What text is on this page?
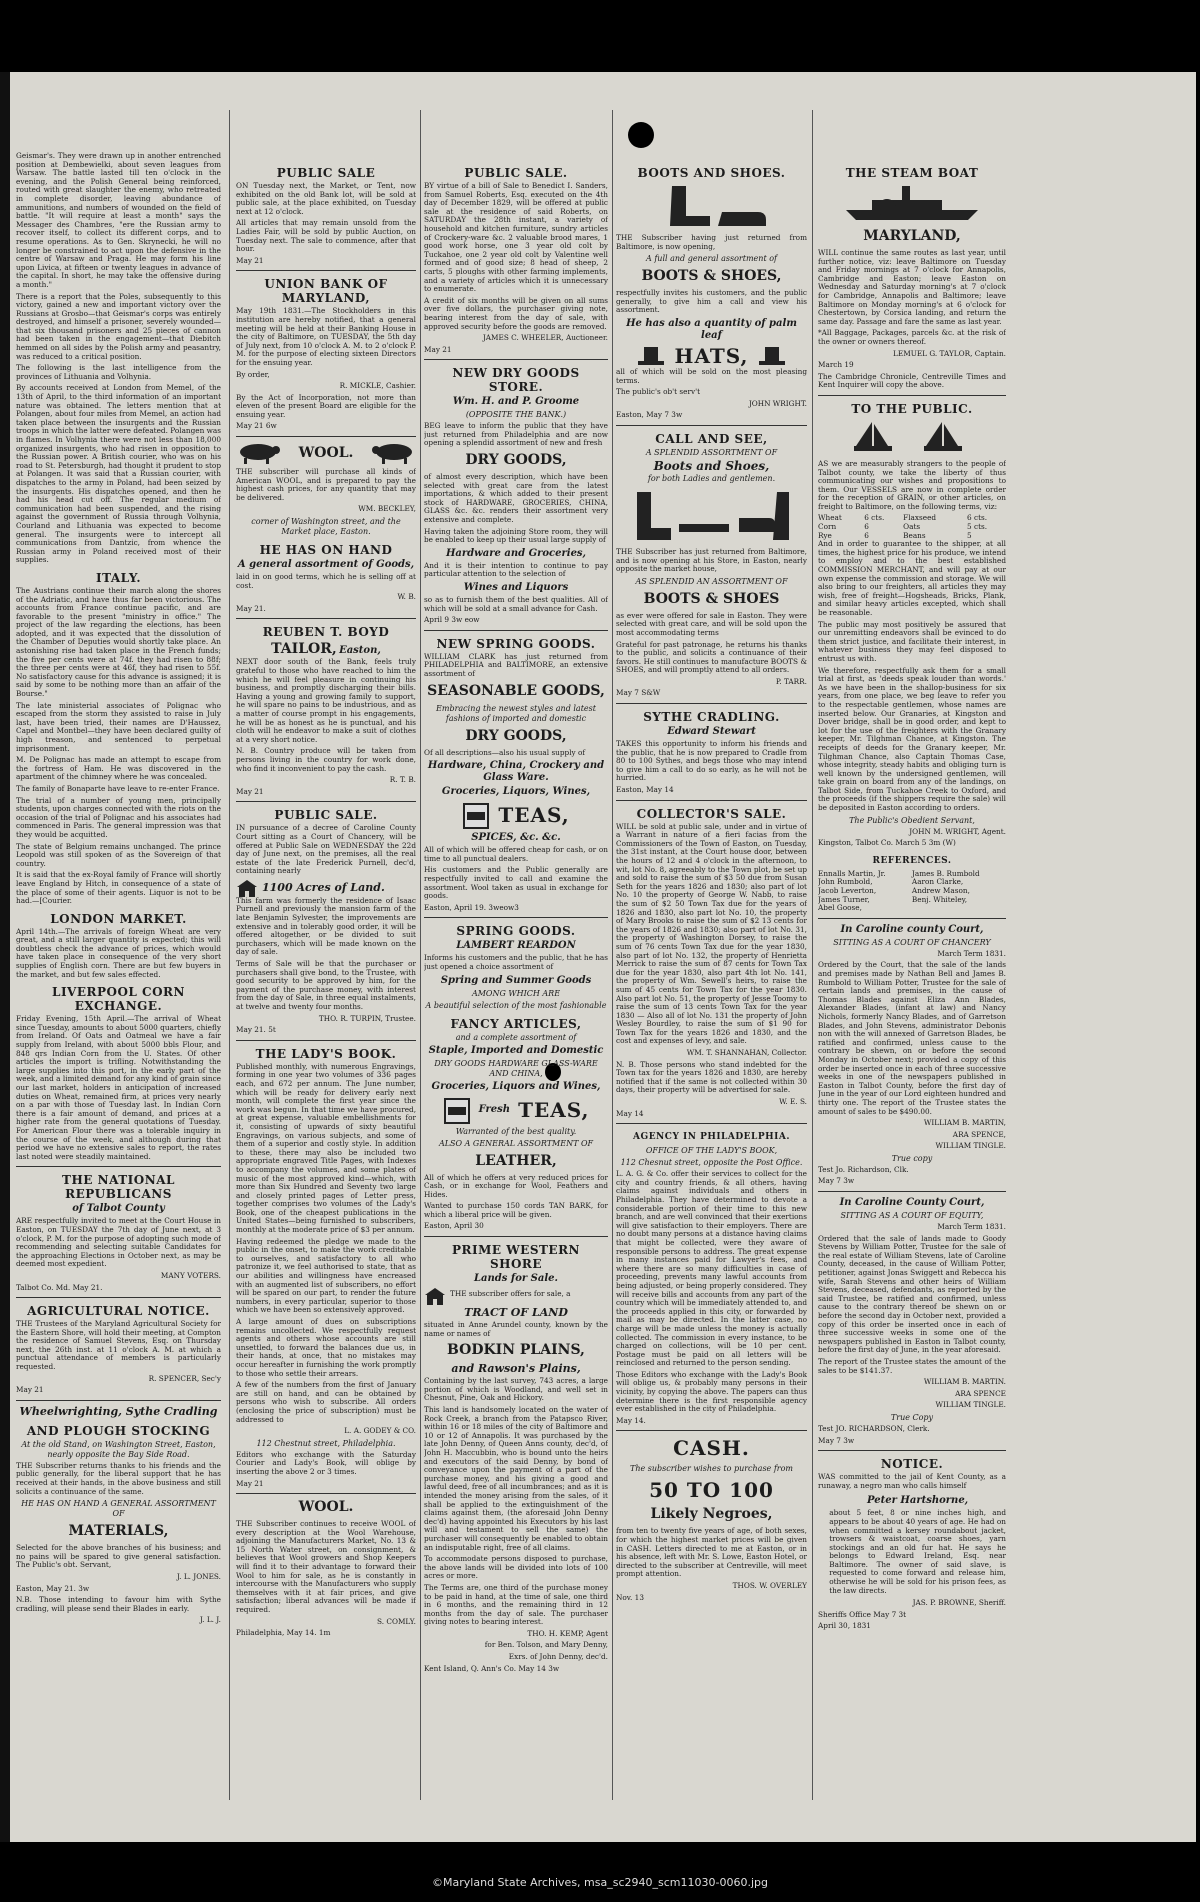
Geismar's. They were drawn up in another entrenched position at Dembewielki, about seven leagues from Warsaw. The battle lasted till ten o'clock in the evening, and the Polish General being reinforced, routed with great slaughter the enemy, who retreated in complete disorder, leaving abundance of ammunitions, and numbers of wounded on the field of battle. "It will require at least a month" says the Messager des Chambres, "ere the Russian army to recover itself, to collect its different corps, and to resume operations. As to Gen. Skrynecki, he will no longer be constrained to act upon the defensive in the centre of Warsaw and Praga. He may form his line upon Livica, at fifteen or twenty leagues in advance of the capital. In short, he may take the offensive during a month."

There is a report that the Poles, subsequently to this victory, gained a new and important victory over the Russians at Grosbo—that Geismar's corps was entirely destroyed, and himself a prisoner, severely wounded—that six thousand prisoners and 25 pieces of cannon had been taken in the engagement—that Diebitch hemmed on all sides by the Polish army and peasantry, was reduced to a critical position.

The following is the last intelligence from the provinces of Lithuania and Volhynia.

By accounts received at London from Memel, of the 13th of April, to the third information of an important nature was obtained. The letters mention that at Polangen, about four miles from Memel, an action had taken place between the insurgents and the Russian troops in which the latter were defeated. Polangen was in flames. In Volhynia there were not less than 18,000 organized insurgents, who had risen in opposition to the Russian power. A British courier, who was on his road to St. Petersburgh, had thought it prudent to stop at Polangen. It was said that a Russian courier, with dispatches to the army in Poland, had been seized by the insurgents. His dispatches opened, and then he had his head cut off. The regular medium of communication had been suspended, and the rising against the government of Russia through Volhynia, Courland and Lithuania was expected to become general. The insurgents were to intercept all communications from Dantzic, from whence the Russian army in Poland received most of their supplies.

ITALY.

The Austrians continue their march along the shores of the Adriatic, and have thus far been victorious. The accounts from France continue pacific, and are favorable to the present "ministry in office." The project of the law regarding the elections, has been adopted, and it was expected that the dissolution of the Chamber of Deputies would shortly take place. An astonishing rise had taken place in the French funds; the five per cents were at 74f. they had risen to 88f; the three per cents were at 46f, they had risen to 55f. No satisfactory cause for this advance is assigned; it is said by some to be nothing more than an affair of the Bourse."

The late ministerial associates of Polignac who escaped from the storm they assisted to raise in July last, have been tried, their names are D'Haussez, Capel and Montbel—they have been declared guilty of high treason, and sentenced to perpetual imprisonment.

M. De Polignac has made an attempt to escape from the fortress of Ham. He was discovered in the apartment of the chimney where he was concealed.

The family of Bonaparte have leave to re-enter France.

The trial of a number of young men, principally students, upon charges connected with the riots on the occasion of the trial of Polignac and his associates had commenced in Paris. The general impression was that they would be acquitted.

The state of Belgium remains unchanged. The prince Leopold was still spoken of as the Sovereign of that country.

It is said that the ex-Royal family of France will shortly leave England by Hitch, in consequence of a state of the place of some of their agents. Liquor is not to be had.—[Courier.

LONDON MARKET.

April 14th.—The arrivals of foreign Wheat are very great, and a still larger quantity is expected; this will doubtless check the advance of prices, which would have taken place in consequence of the very short supplies of English corn. There are but few buyers in the market, and but few sales effected.

LIVERPOOL CORN EXCHANGE.

Friday Evening, 15th April.—The arrival of Wheat since Tuesday, amounts to about 5000 quarters, chiefly from Ireland. Of Oats and Oatmeal we have a fair supply from Ireland, with about 5000 bbls Flour, and 848 qrs Indian Corn from the U. States. Of other articles the import is trifling. Notwithstanding the large supplies into this port, in the early part of the week, and a limited demand for any kind of grain since our last market, holders in anticipation of increased duties on Wheat, remained firm, at prices very nearly on a par with those of Tuesday last. In Indian Corn there is a fair amount of demand, and prices at a higher rate from the general quotations of Tuesday. For American Flour there was a tolerable inquiry in the course of the week, and although during that period we have no extensive sales to report, the rates last noted were steadily maintained.

THE NATIONAL REPUBLICANS
of Talbot County

ARE respectfully invited to meet at the Court House in Easton, on TUESDAY the 7th day of June next, at 3 o'clock, P. M. for the purpose of adopting such mode of recommending and selecting suitable Candidates for the approaching Elections in October next, as may be deemed most expedient.

MANY VOTERS.
Talbot Co. Md. May 21.
AGRICULTURAL NOTICE.

THE Trustees of the Maryland Agricultural Society for the Eastern Shore, will hold their meeting, at Compton the residence of Samuel Stevens, Esq. on Thursday next, the 26th inst. at 11 o'clock A. M. at which a punctual attendance of members is particularly requested.

R. SPENCER, Sec'y
May 21
Wheelwrighting, Sythe Cradling
AND PLOUGH STOCKING
At the old Stand, on Washington Street, Easton, nearly opposite the Bay Side Road.

THE Subscriber returns thanks to his friends and the public generally, for the liberal support that he has received at their hands, in the above business and still solicits a continuance of the same.

HE HAS ON HAND A GENERAL ASSORTMENT OF
MATERIALS,

Selected for the above branches of his business; and no pains will be spared to give general satisfaction. The Public's obt. Servant,

J. L. JONES.
Easton, May 21. 3w

N.B. Those intending to favour him with Sythe cradling, will please send their Blades in early.

J. L. J.
PUBLIC SALE

ON Tuesday next, the Market, or Tent, now exhibited on the old Bank lot, will be sold at public sale, at the place exhibited, on Tuesday next at 12 o'clock.

All articles that may remain unsold from the Ladies Fair, will be sold by public Auction, on Tuesday next. The sale to commence, after that hour.

May 21
UNION BANK OF MARYLAND,

May 19th 1831.—The Stockholders in this institution are hereby notified, that a general meeting will be held at their Banking House in the city of Baltimore, on TUESDAY, the 5th day of July next, from 10 o'clock A. M. to 2 o'clock P. M. for the purpose of electing sixteen Directors for the ensuing year.

By order,
R. MICKLE, Cashier.

By the Act of Incorporation, not more than eleven of the present Board are eligible for the ensuing year.

May 21 6w
WOOL.

THE subscriber will purchase all kinds of American WOOL, and is prepared to pay the highest cash prices, for any quantity that may be delivered.

WM. BECKLEY,
corner of Washington street, and the Market place, Easton.
HE HAS ON HAND
A general assortment of Goods,

laid in on good terms, which he is selling off at cost.

W. B.
May 21.
REUBEN T. BOYD
TAILOR, Easton,

NEXT door south of the Bank, feels truly grateful to those who have reached to him the which he will feel pleasure in continuing his business, and promptly discharging their bills. Having a young and growing family to support, he will spare no pains to be industrious, and as a matter of course prompt in his engagements, he will be as honest as he is punctual, and his cloth will he endeavor to make a suit of clothes at a very short notice.

N. B. Country produce will be taken from persons living in the country for work done, who find it inconvenient to pay the cash.

R. T. B.
May 21
PUBLIC SALE.

IN pursuance of a decree of Caroline County Court sitting as a Court of Chancery, will be offered at Public Sale on WEDNESDAY the 22d day of June next, on the premises, all the real estate of the late Frederick Purnell, dec'd, containing nearly

1100 Acres of Land.

This farm was formerly the residence of Isaac Purnell and previously the mansion farm of the late Benjamin Sylvester, the improvements are extensive and in tolerably good order, it will be offered altogether, or be divided to suit purchasers, which will be made known on the day of sale.

Terms of Sale will be that the purchaser or purchasers shall give bond, to the Trustee, with good security to be approved by him, for the payment of the purchase money, with interest from the day of Sale, in three equal instalments, at twelve and twenty four months.

THO. R. TURPIN, Trustee.
May 21. 5t
THE LADY'S BOOK.

Published monthly, with numerous Engravings, forming in one year two volumes of 336 pages each, and 672 per annum. The June number, which will be ready for delivery early next month, will complete the first year since the work was begun. In that time we have procured, at great expense, valuable embellishments for it, consisting of upwards of sixty beautiful Engravings, on various subjects, and some of them of a superior and costly style. In addition to these, there may also be included two appropriate engraved Title Pages, with Indexes to accompany the volumes, and some plates of music of the most approved kind—which, with more than Six Hundred and Seventy two large and closely printed pages of Letter press, together comprises two volumes of the Lady's Book, one of the cheapest publications in the United States—being furnished to subscribers, monthly at the moderate price of $3 per annum.

Having redeemed the pledge we made to the public in the onset, to make the work creditable to ourselves, and satisfactory to all who patronize it, we feel authorised to state, that as our abilities and willingness have encreased with an augmented list of subscribers, no effort will be spared on our part, to render the future numbers, in every particular, superior to those which we have been so extensively approved.

A large amount of dues on subscriptions remains uncollected. We respectfully request agents and others whose accounts are still unsettled, to forward the balances due us, in their hands, at once, that no mistakes may occur hereafter in furnishing the work promptly to those who settle their arrears.

A few of the numbers from the first of January are still on hand, and can be obtained by persons who wish to subscribe. All orders (enclosing the price of subscription) must be addressed to

L. A. GODEY & CO.
112 Chestnut street, Philadelphia.

Editors who exchange with the Saturday Courier and Lady's Book, will oblige by inserting the above 2 or 3 times.

May 21
WOOL.

THE Subscriber continues to receive WOOL of every description at the Wool Warehouse, adjoining the Manufacturers Market, No. 13 & 15 North Water street, on consignment, & believes that Wool growers and Shop Keepers will find it to their advantage to forward their Wool to him for sale, as he is constantly in intercourse with the Manufacturers who supply themselves with it at fair prices, and give satisfaction; liberal advances will be made if required.

S. COMLY.
Philadelphia, May 14. 1m
PUBLIC SALE.

BY virtue of a bill of Sale to Benedict I. Sanders, from Samuel Roberts, Esq. executed on the 4th day of December 1829, will be offered at public sale at the residence of said Roberts, on SATURDAY the 28th instant, a variety of household and kitchen furniture, sundry articles of Crockery-ware &c. 2 valuable brood mares, 1 good work horse, one 3 year old colt by Tuckahoe, one 2 year old colt by Valentine well formed and of good size; 8 head of sheep, 2 carts, 5 ploughs with other farming implements, and a variety of articles which it is unnecessary to enumerate.

A credit of six months will be given on all sums over five dollars, the purchaser giving note, bearing interest from the day of sale, with approved security before the goods are removed.

JAMES C. WHEELER, Auctioneer.
May 21
NEW DRY GOODS STORE.
Wm. H. and P. Groome
(OPPOSITE THE BANK.)

BEG leave to inform the public that they have just returned from Philadelphia and are now opening a splendid assortment of new and fresh

DRY GOODS,

of almost every description, which have been selected with great care from the latest importations, & which added to their present stock of HARDWARE, GROCERIES, CHINA, GLASS &c. &c. renders their assortment very extensive and complete.

Having taken the adjoining Store room, they will be enabled to keep up their usual large supply of

Hardware and Groceries,

And it is their intention to continue to pay particular attention to the selection of

Wines and Liquors

so as to furnish them of the best qualities. All of which will be sold at a small advance for Cash.

April 9 3w eow
NEW SPRING GOODS.

WILLIAM CLARK has just returned from PHILADELPHIA and BALTIMORE, an extensive assortment of

SEASONABLE GOODS,
Embracing the newest styles and latest fashions of imported and domestic
DRY GOODS,

Of all descriptions—also his usual supply of

Hardware, China, Crockery and Glass Ware.
Groceries, Liquors, Wines,
TEAS,
SPICES, &c. &c.

All of which will be offered cheap for cash, or on time to all punctual dealers.

His customers and the Public generally are respectfully invited to call and examine the assortment. Wool taken as usual in exchange for goods.

Easton, April 19. 3weow3
SPRING GOODS.
LAMBERT REARDON

Informs his customers and the public, that he has just opened a choice assortment of

Spring and Summer Goods
AMONG WHICH ARE
A beautiful selection of the most fashionable
FANCY ARTICLES,
and a complete assortment of
Staple, Imported and Domestic
DRY GOODS HARDWARE GLASS-WARE AND CHINA,
Groceries, Liquors and Wines,
Fresh TEAS,
Warranted of the best quality.
ALSO A GENERAL ASSORTMENT OF
LEATHER,

All of which he offers at very reduced prices for Cash, or in exchange for Wool, Feathers and Hides.

Wanted to purchase 150 cords TAN BARK, for which a liberal price will be given.

Easton, April 30
PRIME WESTERN SHORE
Lands for Sale.
THE subscriber offers for sale, a
TRACT OF LAND

situated in Anne Arundel county, known by the name or names of

BODKIN PLAINS,
and Rawson's Plains,

Containing by the last survey, 743 acres, a large portion of which is Woodland, and well set in Chesnut, Pine, Oak and Hickory.

This land is handsomely located on the water of Rock Creek, a branch from the Patapsco River, within 16 or 18 miles of the city of Baltimore and 10 or 12 of Annapolis. It was purchased by the late John Denny, of Queen Anns county, dec'd, of John H. Maccubbin, who is bound unto the heirs and executors of the said Denny, by bond of conveyance upon the payment of a part of the purchase money, and his giving a good and lawful deed, free of all incumbrances; and as it is intended the money arising from the sales, of it shall be applied to the extinguishment of the claims against them, (the aforesaid John Denny dec'd) having appointed his Executors by his last will and testament to sell the same) the purchaser will consequently be enabled to obtain an indisputable right, free of all claims.

To accommodate persons disposed to purchase, the above lands will be divided into lots of 100 acres or more.

The Terms are, one third of the purchase money to be paid in hand, at the time of sale, one third in 6 months, and the remaining third in 12 months from the day of sale. The purchaser giving notes to bearing interest.

THO. H. KEMP, Agent
for Ben. Tolson, and Mary Denny,
Exrs. of John Denny, dec'd.
Kent Island, Q. Ann's Co. May 14 3w
BOOTS AND SHOES.

THE Subscriber having just returned from Baltimore, is now opening,

A full and general assortment of
BOOTS & SHOES,

respectfully invites his customers, and the public generally, to give him a call and view his assortment.

He has also a quantity of palm leaf
HATS,

all of which will be sold on the most pleasing terms.

The public's ob't serv't
JOHN WRIGHT.
Easton, May 7 3w
CALL AND SEE,
A SPLENDID ASSORTMENT OF
Boots and Shoes,
for both Ladies and gentlemen.

THE Subscriber has just returned from Baltimore, and is now opening at his Store, in Easton, nearly opposite the market house,

AS SPLENDID AN ASSORTMENT OF
BOOTS & SHOES

as ever were offered for sale in Easton. They were selected with great care, and will be sold upon the most accommodating terms

Grateful for past patronage, he returns his thanks to the public, and solicits a continuance of their favors. He still continues to manufacture BOOTS & SHOES, and will promptly attend to all orders.

P. TARR.
May 7 S&W
SYTHE CRADLING.
Edward Stewart

TAKES this opportunity to inform his friends and the public, that he is now prepared to Cradle from 80 to 100 Sythes, and begs those who may intend to give him a call to do so early, as he will not be hurried.

Easton, May 14
COLLECTOR'S SALE.

WILL be sold at public sale, under and in virtue of a Warrant in nature of a fieri facias from the Commissioners of the Town of Easton, on Tuesday, the 31st instant, at the Court house door, between the hours of 12 and 4 o'clock in the afternoon, to wit, lot No. 8, agreeably to the Town plot, be set up and sold to raise the sum of $3 50 due from Susan Seth for the years 1826 and 1830; also part of lot No. 10 the property of George W. Nabb, to raise the sum of $2 50 Town Tax due for the years of 1826 and 1830, also part lot No. 10, the property of Mary Brooks to raise the sum of $2 13 cents for the years of 1826 and 1830; also part of lot No. 31, the property of Washington Dorsey, to raise the sum of 76 cents Town Tax due for the year 1830, also part of lot No. 132, the property of Henrietta Merrick to raise the sum of 87 cents for Town Tax due for the year 1830, also part 4th lot No. 141, the property of Wm. Sewell's heirs, to raise the sum of 45 cents for Town Tax for the year 1830. Also part lot No. 51, the property of Jesse Toomy to raise the sum of 13 cents Town Tax for the year 1830 — Also all of lot No. 131 the property of John Wesley Bourdley, to raise the sum of $1 90 for Town Tax for the years 1826 and 1830, and the cost and expenses of levy, and sale.

WM. T. SHANNAHAN, Collector.

N. B. Those persons who stand indebted for the Town tax for the years 1826 and 1830, are hereby notified that if the same is not collected within 30 days, their property will be advertised for sale.

W. E. S.
May 14
AGENCY IN PHILADELPHIA.
OFFICE OF THE LADY'S BOOK,
112 Chesnut street, opposite the Post Office.

L. A. G. & Co. offer their services to collect for the city and country friends, & all others, having claims against individuals and others in Philadelphia. They have determined to devote a considerable portion of their time to this new branch, and are well convinced that their exertions will give satisfaction to their employers. There are no doubt many persons at a distance having claims that might be collected, were they aware of responsible persons to address. The great expense in many instances paid for Lawyer's fees, and where there are so many difficulties in case of proceeding, prevents many lawful accounts from being adjusted, or being properly considered. They will receive bills and accounts from any part of the country which will be immediately attended to, and the proceeds applied in this city, or forwarded by mail as may be directed. In the latter case, no charge will be made unless the money is actually collected. The commission in every instance, to be charged on collections, will be 10 per cent. Postage must be paid on all letters will be reinclosed and returned to the person sending.

Those Editors who exchange with the Lady's Book will oblige us, & probably many persons in their vicinity, by copying the above. The papers can thus determine there is the first responsible agency ever established in the city of Philadelphia.

May 14.
CASH.
The subscriber wishes to purchase from
50 TO 100
Likely Negroes,

from ten to twenty five years of age, of both sexes, for which the highest market prices will be given in CASH. Letters directed to me at Easton, or in his absence, left with Mr. S. Lowe, Easton Hotel, or directed to the subscriber at Centreville, will meet prompt attention.

THOS. W. OVERLEY
Nov. 13
THE STEAM BOAT
MARYLAND,

WILL continue the same routes as last year, until further notice, viz: leave Baltimore on Tuesday and Friday mornings at 7 o'clock for Annapolis, Cambridge and Easton; leave Easton on Wednesday and Saturday morning's at 7 o'clock for Cambridge, Annapolis and Baltimore; leave Baltimore on Monday morning's at 6 o'clock for Chestertown, by Corsica landing, and return the same day. Passage and fare the same as last year.

*All Baggage, Packages, parcels &c. at the risk of the owner or owners thereof.

LEMUEL G. TAYLOR, Captain.
March 19

The Cambridge Chronicle, Centreville Times and Kent Inquirer will copy the above.

TO THE PUBLIC.

AS we are measurably strangers to the people of Talbot county, we take the liberty of thus communicating our wishes and propositions to them. Our VESSELS are now in complete order for the reception of GRAIN, or other articles, on freight to Baltimore, on the following terms, viz:

Wheat	6 cts.	Flaxseed	6 cts.
Corn	6	Oats	5 cts.
Rye	6	Beans	5

And in order to guarantee to the shipper, at all times, the highest price for his produce, we intend to employ and to the best established COMMISSION MERCHANT, and will pay at our own expense the commission and storage. We will also bring to our freighters, all articles they may wish, free of freight—Hogsheads, Bricks, Plank, and similar heavy articles excepted, which shall be reasonable.

The public may most positively be assured that our unremitting endeavors shall be evinced to do them strict justice, and facilitate their interest, in whatever business they may feel disposed to entrust us with.

We therefore, respectfully ask them for a small trial at first, as 'deeds speak louder than words.' As we have been in the shallop-business for six years, from one place, we beg leave to refer you to the respectable gentlemen, whose names are inserted below. Our Granaries, at Kingston and Dover bridge, shall be in good order, and kept to lot for the use of the freighters with the Granary keeper, Mr. Tilghman Chance, at Kingston. The receipts of deeds for the Granary keeper, Mr. Tilghman Chance, also Captain Thomas Case, whose integrity, steady habits and obliging turn is well known by the undersigned gentlemen, will take grain on board from any of the landings, on Talbot Side, from Tuckahoe Creek to Oxford, and the proceeds (if the shippers require the sale) will be deposited in Easton according to orders.

The Public's Obedient Servant,
JOHN M. WRIGHT, Agent.
Kingston, Talbot Co. March 5 3m (W)
REFERENCES.
Ennalls Martin, Jr.	James B. Rumbold
John Rumbold,	Aaron Clarke,
Jacob Leverton,	Andrew Mason,
James Turner,	Benj. Whiteley,
Abel Goose,	
In Caroline county Court,
SITTING AS A COURT OF CHANCERY
March Term 1831.

Ordered by the Court, that the sale of the lands and premises made by Nathan Bell and James B. Rumbold to William Potter, Trustee for the sale of certain lands and premises, in the cause of Thomas Blades against Eliza Ann Blades, Alexander Blades, (infant at law) and Nancy Nichols, formerly Nancy Blades, and of Garretson Blades, and John Stevens, administrator Debonis non with the will annexed of Garretson Blades, be ratified and confirmed, unless cause to the contrary be shewn, on or before the second Monday in October next; provided a copy of this order be inserted once in each of three successive weeks in one of the newspapers published in Easton in Talbot County, before the first day of June in the year of our Lord eighteen hundred and thirty one. The report of the Trustee states the amount of sales to be $490.00.

WILLIAM B. MARTIN,
ARA SPENCE,
WILLIAM TINGLE.
True copy
Test Jo. Richardson, Clk.
May 7 3w
In Caroline County Court,
SITTING AS A COURT OF EQUITY,
March Term 1831.

Ordered that the sale of lands made to Goody Stevens by William Potter, Trustee for the sale of the real estate of William Stevens, late of Caroline County, deceased, in the cause of William Potter, petitioner, against Jonas Swiggett and Rebecca his wife, Sarah Stevens and other heirs of William Stevens, deceased, defendants, as reported by the said Trustee, be ratified and confirmed, unless cause to the contrary thereof be shewn on or before the second day in October next, provided a copy of this order be inserted once in each of three successive weeks in some one of the newspapers published in Easton in Talbot county, before the first day of June, in the year aforesaid.

The report of the Trustee states the amount of the sales to be $141.37.

WILLIAM B. MARTIN.
ARA SPENCE
WILLIAM TINGLE.
True Copy
Test JO. RICHARDSON, Clerk.
May 7 3w
NOTICE.

WAS committed to the jail of Kent County, as a runaway, a negro man who calls himself

Peter Hartshorne,

about 5 feet, 8 or nine inches high, and appears to be about 40 years of age. He had on when committed a kersey roundabout jacket, trowsers & waistcoat, coarse shoes, yarn stockings and an old fur hat. He says he belongs to Edward Ireland, Esq. near Baltimore. The owner of said slave, is requested to come forward and release him, otherwise he will be sold for his prison fees, as the law directs.

JAS. P. BROWNE, Sheriff.
Sheriffs Office May 7 3t
April 30, 1831
©Maryland State Archives, msa_sc2940_scm11030-0060.jpg
